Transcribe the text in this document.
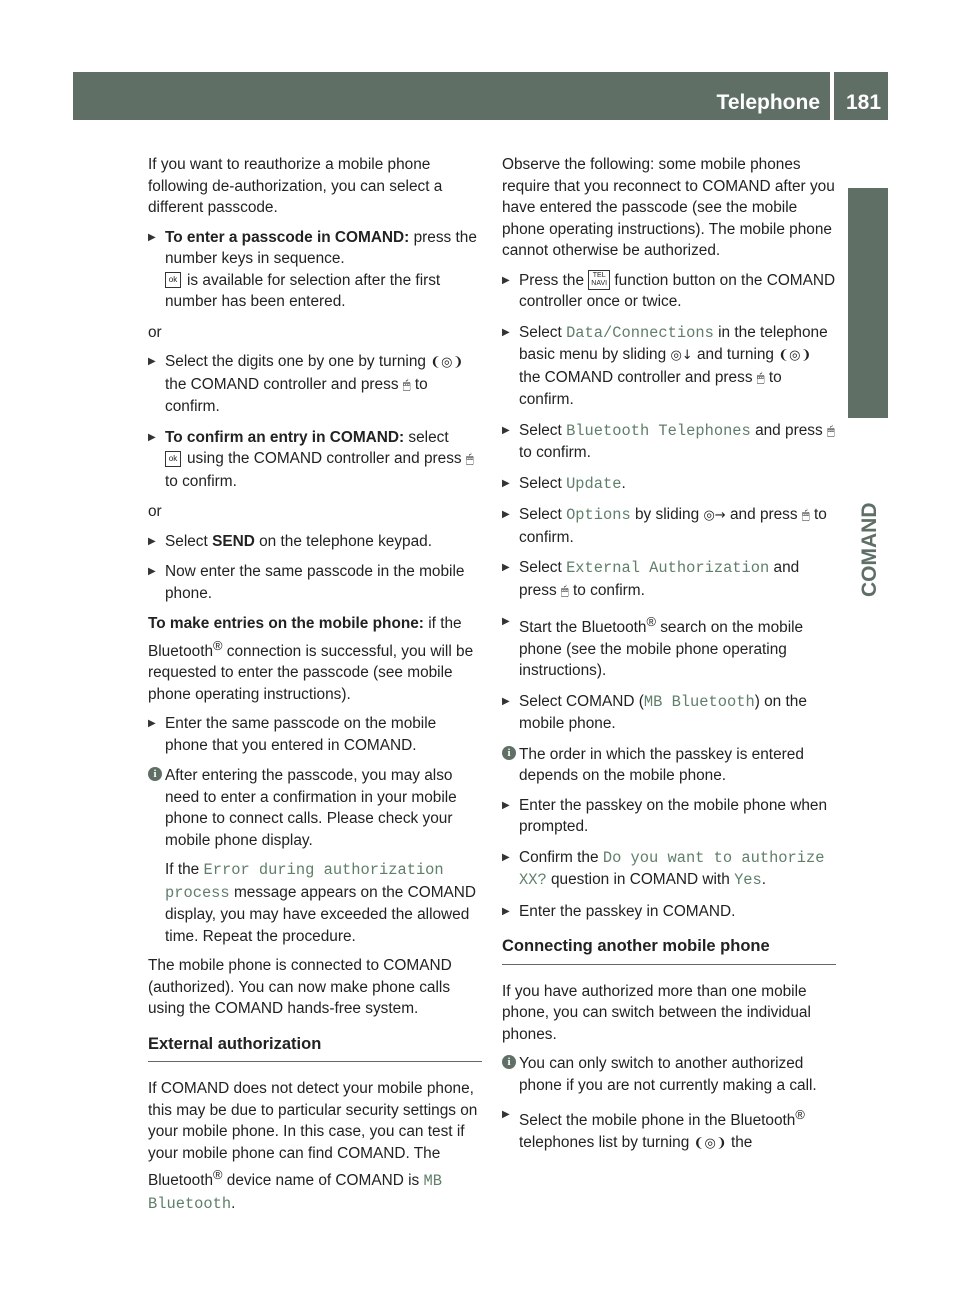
Telephone 181
COMAND

If you want to reauthorize a mobile phone following de-authorization, you can select a different passcode.

▶ To enter a passcode in COMAND: press the number keys in sequence.
ok is available for selection after the first number has been entered.

or

▶ Select the digits one by one by turning ❨◎❩ the COMAND controller and press 🖱 to confirm.
▶ To confirm an entry in COMAND: select
ok using the COMAND controller and press 🖱 to confirm.

or

▶ Select SEND on the telephone keypad.
▶ Now enter the same passcode in the mobile phone.

To make entries on the mobile phone: if the Bluetooth® connection is successful, you will be requested to enter the passcode (see mobile phone operating instructions).

▶ Enter the same passcode on the mobile phone that you entered in COMAND.
i After entering the passcode, you may also need to enter a confirmation in your mobile phone to connect calls. Please check your mobile phone display.

If the Error during authorization process message appears on the COMAND display, you may have exceeded the allowed time. Repeat the procedure.

The mobile phone is connected to COMAND (authorized). You can now make phone calls using the COMAND hands-free system.

External authorization

If COMAND does not detect your mobile phone, this may be due to particular security settings on your mobile phone. In this case, you can test if your mobile phone can find COMAND. The Bluetooth® device name of COMAND is MB Bluetooth.

Observe the following: some mobile phones require that you reconnect to COMAND after you have entered the passcode (see the mobile phone operating instructions). The mobile phone cannot otherwise be authorized.

▶ Press the TEL
NAVI function button on the COMAND controller once or twice.
▶ Select Data/Connections in the telephone basic menu by sliding ◎↓ and turning ❨◎❩ the COMAND controller and press 🖱 to confirm.
▶ Select Bluetooth Telephones and press 🖱 to confirm.
▶ Select Update.
▶ Select Options by sliding ◎→ and press 🖱 to confirm.
▶ Select External Authorization and press 🖱 to confirm.
▶ Start the Bluetooth® search on the mobile phone (see the mobile phone operating instructions).
▶ Select COMAND (MB Bluetooth) on the mobile phone.
i The order in which the passkey is entered depends on the mobile phone.
▶ Enter the passkey on the mobile phone when prompted.
▶ Confirm the Do you want to authorize XX? question in COMAND with Yes.
▶ Enter the passkey in COMAND.
Connecting another mobile phone

If you have authorized more than one mobile phone, you can switch between the individual phones.

i You can only switch to another authorized phone if you are not currently making a call.
▶ Select the mobile phone in the Bluetooth® telephones list by turning ❨◎❩ the
